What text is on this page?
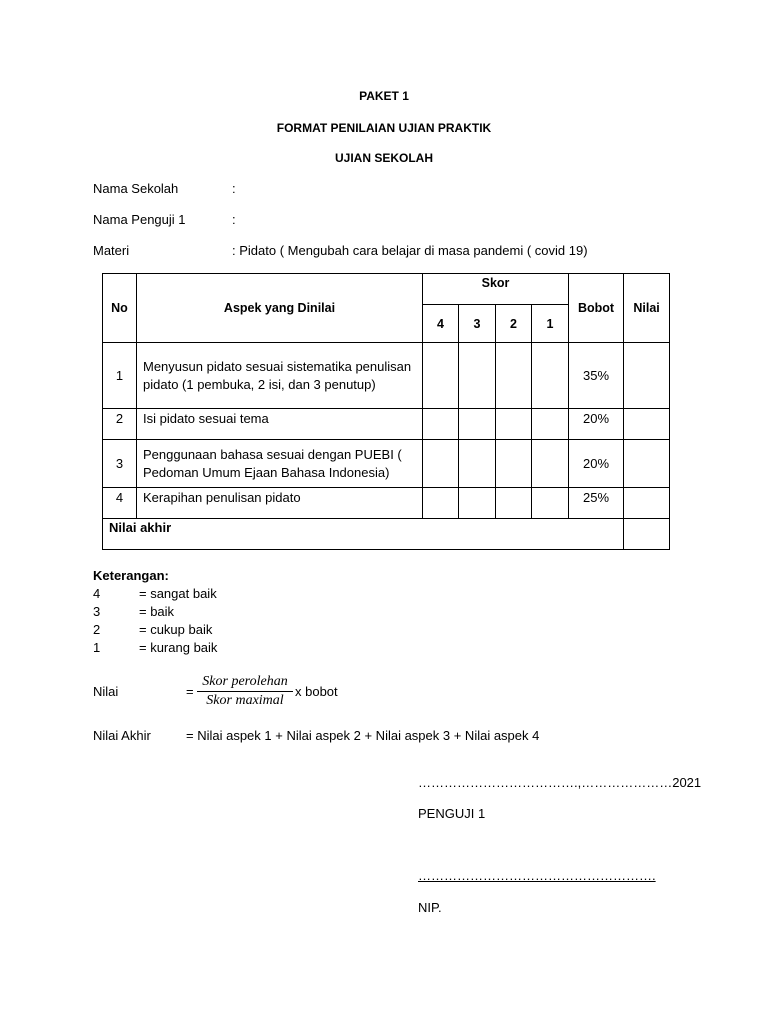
PAKET 1
FORMAT PENILAIAN UJIAN PRAKTIK
UJIAN SEKOLAH
Nama Sekolah	:
Nama Penguji 1	:
Materi	: Pidato ( Mengubah cara belajar di masa pandemi ( covid 19)
No	Aspek yang Dinilai	Skor				Bobot	Nilai
		4	3	2	1		
1	Menyusun pidato sesuai sistematika penulisan pidato (1 pembuka, 2 isi, dan 3 penutup)					35%	
2	Isi pidato sesuai tema					20%	
3	Penggunaan bahasa sesuai dengan PUEBI ( Pedoman Umum Ejaan Bahasa Indonesia)					20%	
4	Kerapihan penulisan pidato					25%	
Nilai akhir							
Keterangan:
4	= sangat baik
3	= baik
2	= cukup baik
1	= kurang baik
Nilai	=
Skor perolehan
Skor maximal
x bobot
Nilai Akhir	= Nilai aspek 1 + Nilai aspek 2 + Nilai aspek 3 + Nilai aspek 4
……………………………….,…………………2021
PENGUJI 1
……………………………………………….
NIP.
